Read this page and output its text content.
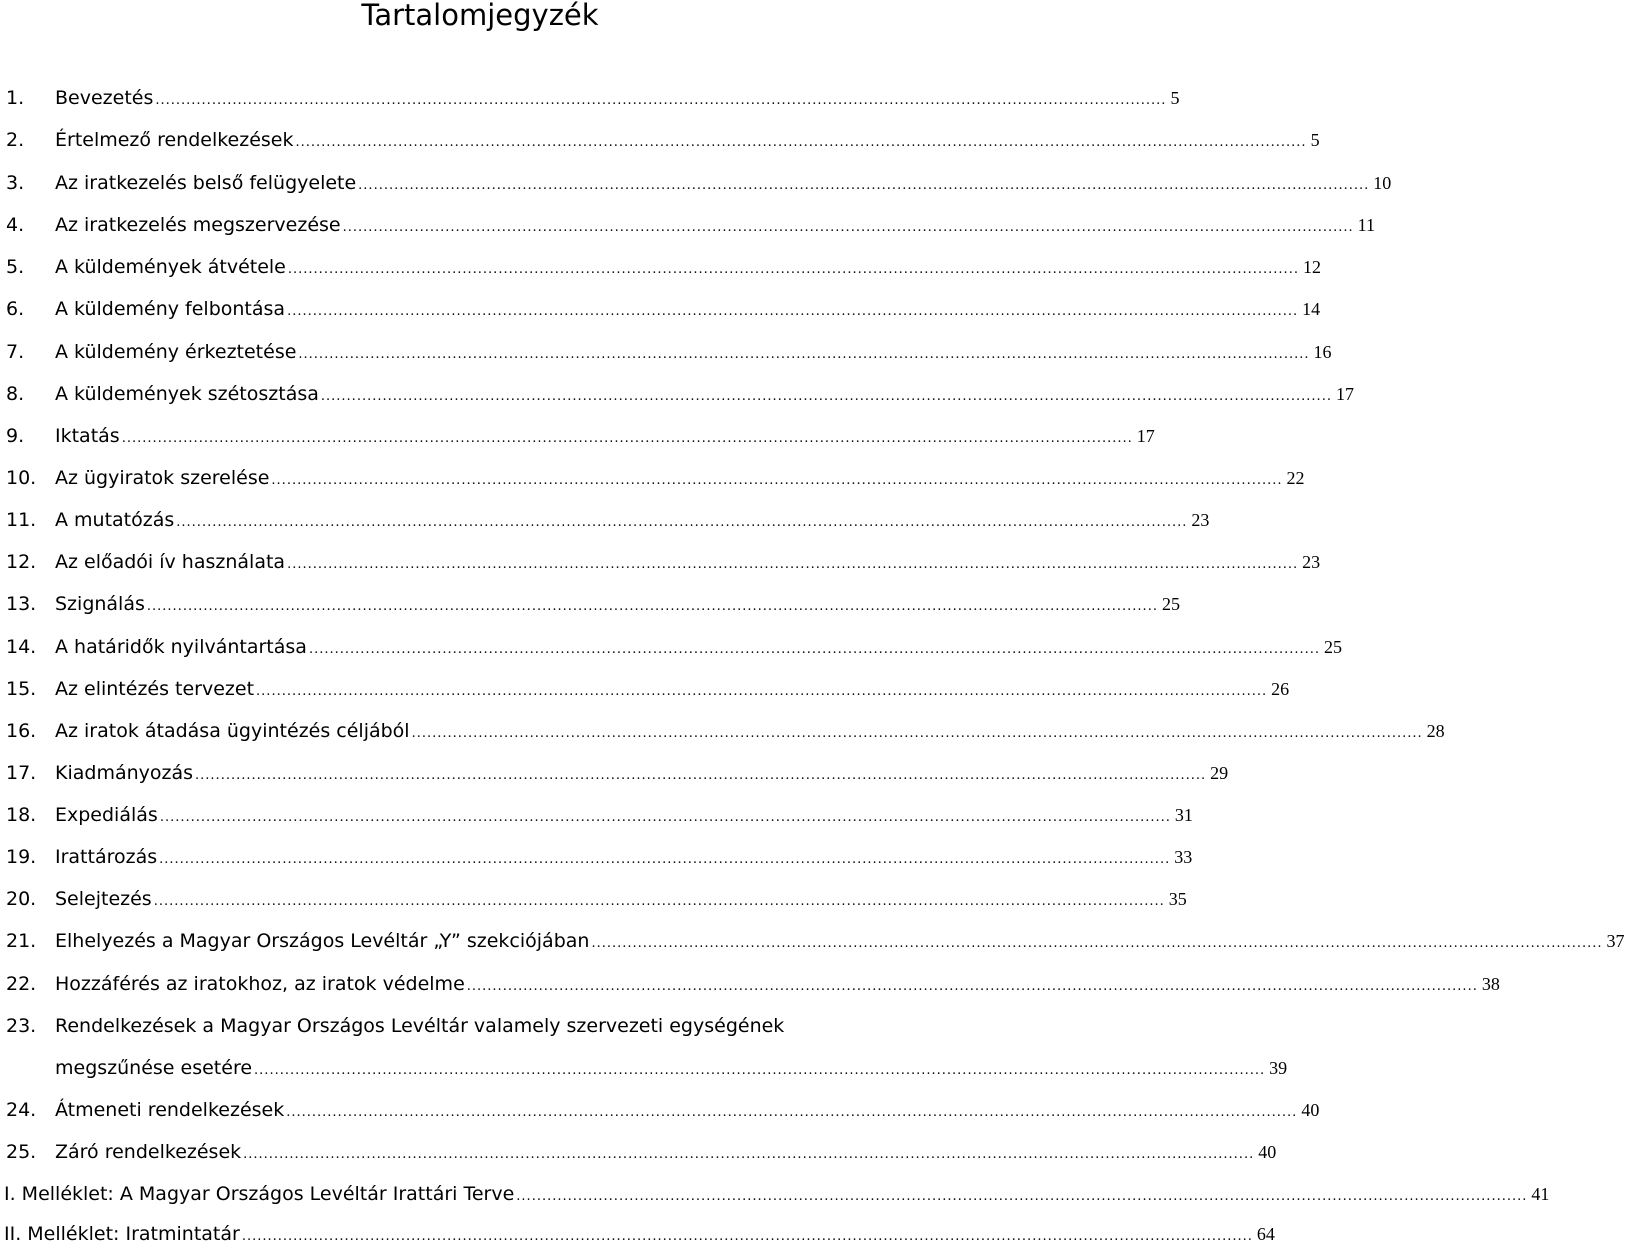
Tartalomjegyzék
1.	Bevezetés ..................................................................................................................................................................................................... 5
2.	Értelmező rendelkezések ..................................................................................................................................................................................................... 5
3.	Az iratkezelés belső felügyelete ..................................................................................................................................................................................................... 10
4.	Az iratkezelés megszervezése ..................................................................................................................................................................................................... 11
5.	A küldemények átvétele ..................................................................................................................................................................................................... 12
6.	A küldemény felbontása ..................................................................................................................................................................................................... 14
7.	A küldemény érkeztetése ..................................................................................................................................................................................................... 16
8.	A küldemények szétosztása ..................................................................................................................................................................................................... 17
9.	Iktatás ..................................................................................................................................................................................................... 17
10. Az ügyiratok szerelése ..................................................................................................................................................................................................... 22
11. A mutatózás ..................................................................................................................................................................................................... 23
12. Az előadói ív használata ..................................................................................................................................................................................................... 23
13. Szignálás ..................................................................................................................................................................................................... 25
14. A határidők nyilvántartása ..................................................................................................................................................................................................... 25
15. Az elintézés tervezet ..................................................................................................................................................................................................... 26
16. Az iratok átadása ügyintézés céljából ..................................................................................................................................................................................................... 28
17. Kiadmányozás ..................................................................................................................................................................................................... 29
18. Expediálás ..................................................................................................................................................................................................... 31
19. Irattározás ..................................................................................................................................................................................................... 33
20. Selejtezés ..................................................................................................................................................................................................... 35
21. Elhelyezés a Magyar Országos Levéltár „Y” szekciójában ..................................................................................................................................................................................................... 37
22. Hozzáférés az iratokhoz, az iratok védelme ..................................................................................................................................................................................................... 38
23. Rendelkezések a Magyar Országos Levéltár valamely szervezeti egységének
megszűnése esetére ..................................................................................................................................................................................................... 39
24. Átmeneti rendelkezések ..................................................................................................................................................................................................... 40
25. Záró rendelkezések ..................................................................................................................................................................................................... 40
I. Melléklet: A Magyar Országos Levéltár Irattári Terve ..................................................................................................................................................................................................... 41
II. Melléklet: Iratmintatár ..................................................................................................................................................................................................... 64
